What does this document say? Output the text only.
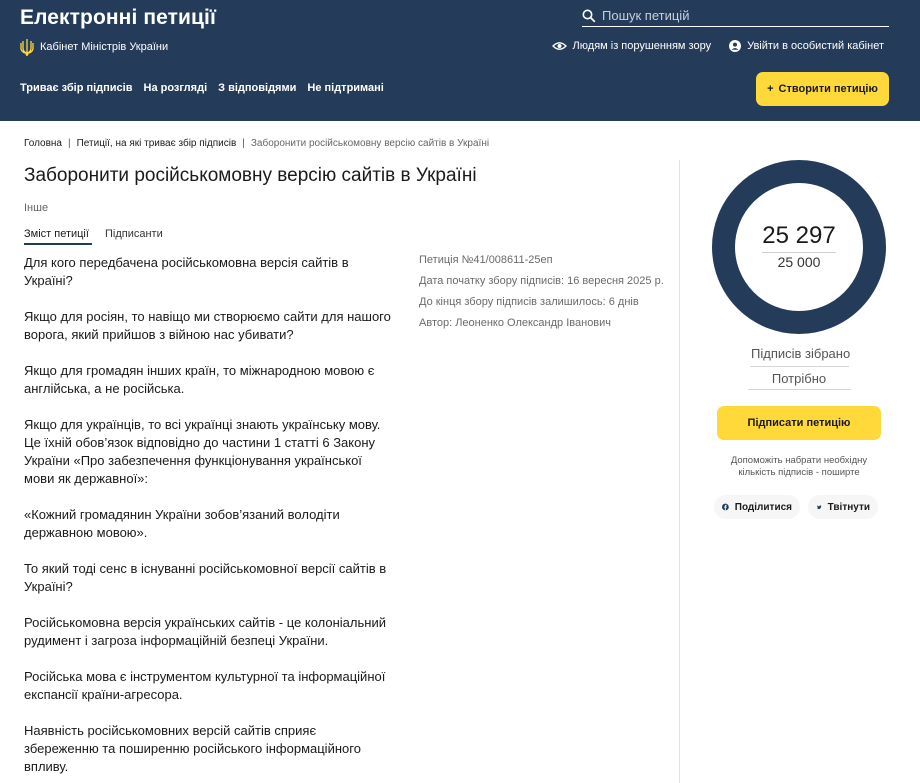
Електронні петиції
Кабінет Міністрів України
Пошук петицій	Людям із порушенням зору	Увійти в особистий кабінет
Триває збір підписів На розгляді З відповідями Не підтримані	+ Створити петицію
Головна | Петиції, на які триває збір підписів | Заборонити російськомовну версію сайтів в Україні
Заборонити російськомовну версію сайтів в Україні
Інше
Зміст петиції Підписанти

Для кого передбачена російськомовна версія сайтів в Україні?

Якщо для росіян, то навіщо ми створюємо сайти для нашого ворога, який прийшов з війною нас убивати?

Якщо для громадян інших країн, то міжнародною мовою є англійська, а не російська.

Якщо для українців, то всі українці знають українську мову. Це їхній обов’язок відповідно до частини 1 статті 6 Закону України «Про забезпечення функціонування української мови як державної»:

«Кожний громадянин України зобов’язаний володіти державною мовою».

То який тоді сенс в існуванні російськомовної версії сайтів в Україні?

Російськомовна версія українських сайтів - це колоніальний рудимент і загроза інформаційній безпеці України.

Російська мова є інструментом культурної та інформаційної експансії країни-агресора.

Наявність російськомовних версій сайтів сприяє збереженню та поширенню російського інформаційного впливу.

Петиція №41/008611-25еп
Дата початку збору підписів: 16 вересня 2025 р.
До кінця збору підписів залишилось: 6 днів
Автор: Леоненко Олександр Іванович
25 297
25 000
Підписів зібрано
Потрібно
Підписати петицію
Допоможіть набрати необхідну кількість підписів - поширте
Поділитися	Твітнути
